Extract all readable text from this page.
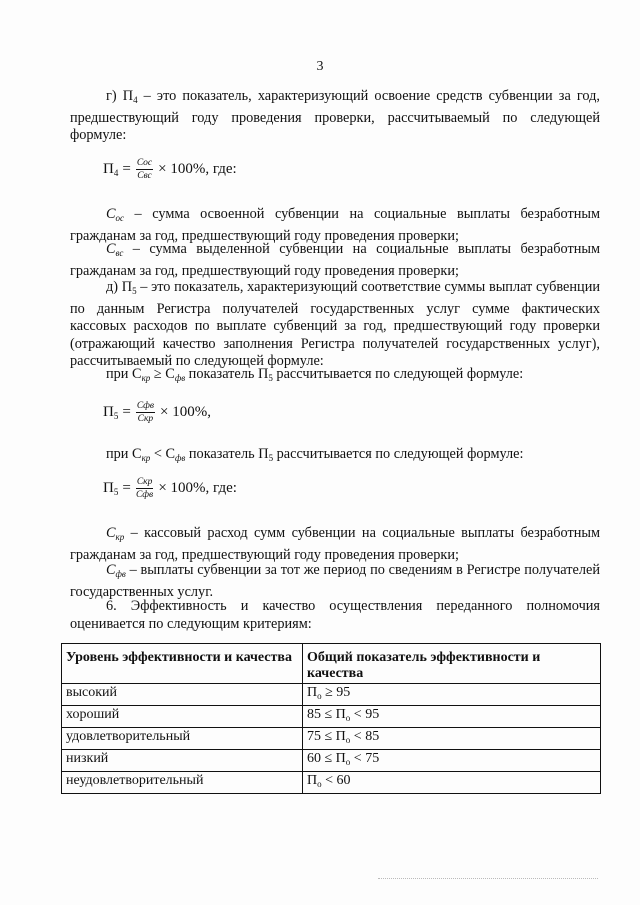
3
г) $П_4$ – это показатель, характеризующий освоение средств субвенции за год, предшествующий году проведения проверки, рассчитываемый по следующей формуле:
$П_4 = \frac{\text{Cос}}{\text{Cвс}} \times 100\%$, где:
$C_{ос}$ – сумма освоенной субвенции на социальные выплаты безработным гражданам за год, предшествующий году проведения проверки;
$C_{вс}$ – сумма выделенной субвенции на социальные выплаты безработным гражданам за год, предшествующий году проведения проверки;
д) $П_5$ – это показатель, характеризующий соответствие суммы выплат субвенции по данным Регистра получателей государственных услуг сумме фактических кассовых расходов по выплате субвенций за год, предшествующий году проверки (отражающий качество заполнения Регистра получателей государственных услуг), рассчитываемый по следующей формуле:
при $C_{кр} \ge C_{фв}$ показатель $П_5$ рассчитывается по следующей формуле:
$П_5 = \frac{\text{Cфв}}{\text{Cкр}} \times 100\%$,
при $C_{кр} < C_{фв}$ показатель $П_5$ рассчитывается по следующей формуле:
$П_5 = \frac{\text{Cкр}}{\text{Cфв}} \times 100\%$, где:
$C_{кр}$ – кассовый расход сумм субвенции на социальные выплаты безработным гражданам за год, предшествующий году проведения проверки;
$C_{фв}$ – выплаты субвенции за тот же период по сведениям в Регистре получателей государственных услуг.
6. Эффективность и качество осуществления переданного полномочия оценивается по следующим критериям:
Уровень эффективности и качества	Общий показатель эффективности и качества
высокий	$П_о \ge 95$
хороший	$85 \le П_о < 95$
удовлетворительный	$75 \le П_о < 85$
низкий	$60 \le П_о < 75$
неудовлетворительный	$П_о < 60$
